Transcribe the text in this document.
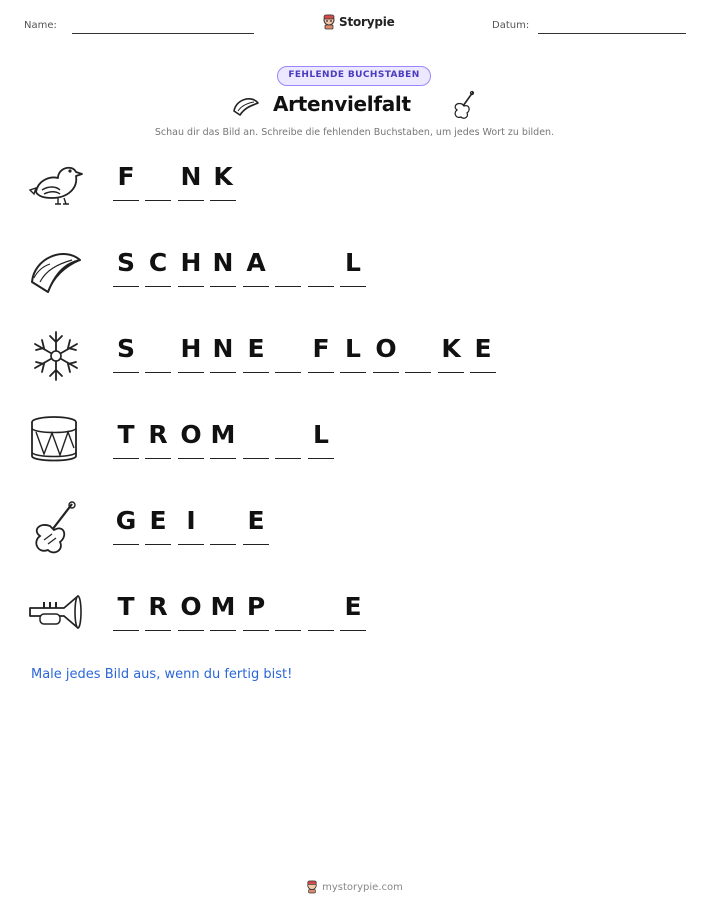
Name:	Storypie	Datum:
FEHLENDE BUCHSTABEN
Artenvielfalt
Schau dir das Bild an. Schreibe die fehlenden Buchstaben, um jedes Wort zu bilden.
F N K
S C H N A	L
S H N E F L O K E
T R O M	L
G E I	E
T R O M P	E
Male jedes Bild aus, wenn du fertig bist!
mystorypie.com
